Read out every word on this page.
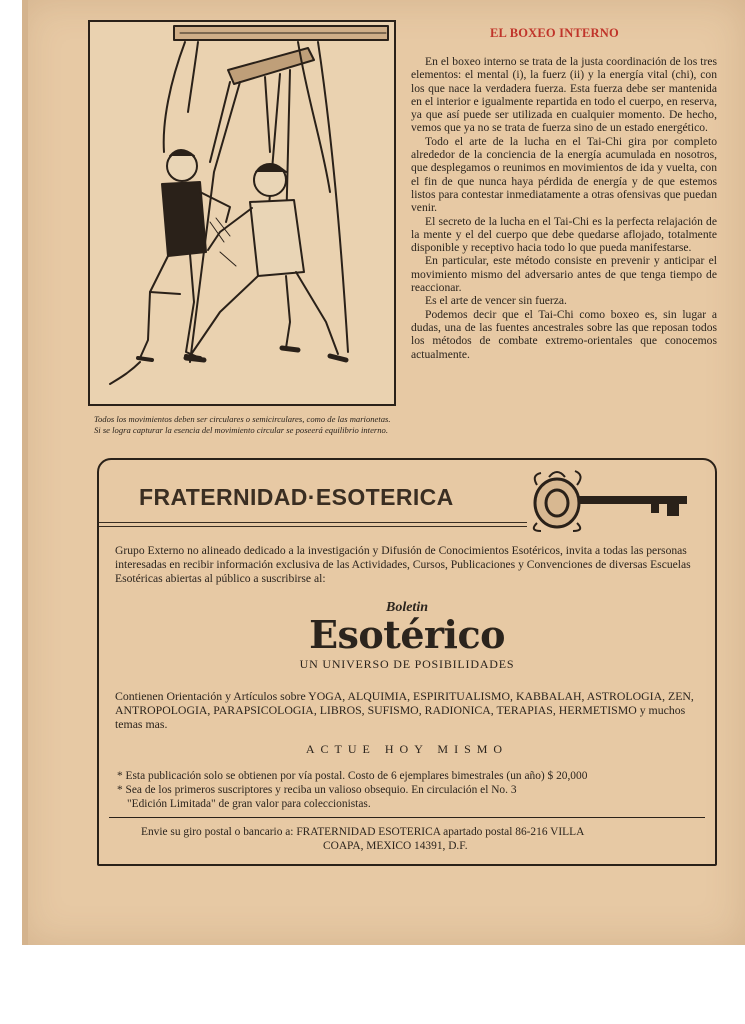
Todos los movimientos deben ser circulares o semicirculares, como de las marionetas. Si se logra capturar la esencia del movimiento circular se poseerá equilibrio interno.
EL BOXEO INTERNO

En el boxeo interno se trata de la justa coordinación de los tres elementos: el mental (i), la fuerz (ii) y la energía vital (chi), con los que nace la verdadera fuerza. Esta fuerza debe ser mantenida en el interior e igualmente repartida en todo el cuerpo, en reserva, ya que así puede ser utilizada en cualquier momento. De hecho, vemos que ya no se trata de fuerza sino de un estado energético.

Todo el arte de la lucha en el Tai-Chi gira por completo alrededor de la conciencia de la energía acumulada en nosotros, que desplegamos o reunimos en movimientos de ida y vuelta, con el fin de que nunca haya pérdida de energía y de que estemos listos para contestar inmediatamente a otras ofensivas que puedan venir.

El secreto de la lucha en el Tai-Chi es la perfecta relajación de la mente y el del cuerpo que debe quedarse aflojado, totalmente disponible y receptivo hacia todo lo que pueda manifestarse.

En particular, este método consiste en prevenir y anticipar el movimiento mismo del adversario antes de que tenga tiempo de reaccionar.

Es el arte de vencer sin fuerza.

Podemos decir que el Tai-Chi como boxeo es, sin lugar a dudas, una de las fuentes ancestrales sobre las que reposan todos los métodos de combate extremo-orientales que conocemos actualmente.

FRATERNIDAD·ESOTERICA
Grupo Externo no alineado dedicado a la investigación y Difusión de Conocimientos Esotéricos, invita a todas las personas interesadas en recibir información exclusiva de las Actividades, Cursos, Publicaciones y Convenciones de diversas Escuelas Esotéricas abiertas al público a suscribirse al:
Boletin
Esotérico
UN UNIVERSO DE POSIBILIDADES
Contienen Orientación y Artículos sobre YOGA, ALQUIMIA, ESPIRITUALISMO, KABBALAH, ASTROLOGIA, ZEN, ANTROPOLOGIA, PARAPSICOLOGIA, LIBROS, SUFISMO, RADIONICA, TERAPIAS, HERMETISMO y muchos temas mas.
ACTUE HOY MISMO
* Esta publicación solo se obtienen por vía postal. Costo de 6 ejemplares bimestrales (un año) $ 20,000
* Sea de los primeros suscriptores y reciba un valioso obsequio. En circulación el No. 3
"Edición Limitada" de gran valor para coleccionistas.
Envie su giro postal o bancario a: FRATERNIDAD ESOTERICA apartado postal 86-216 VILLA
COAPA, MEXICO 14391, D.F.
